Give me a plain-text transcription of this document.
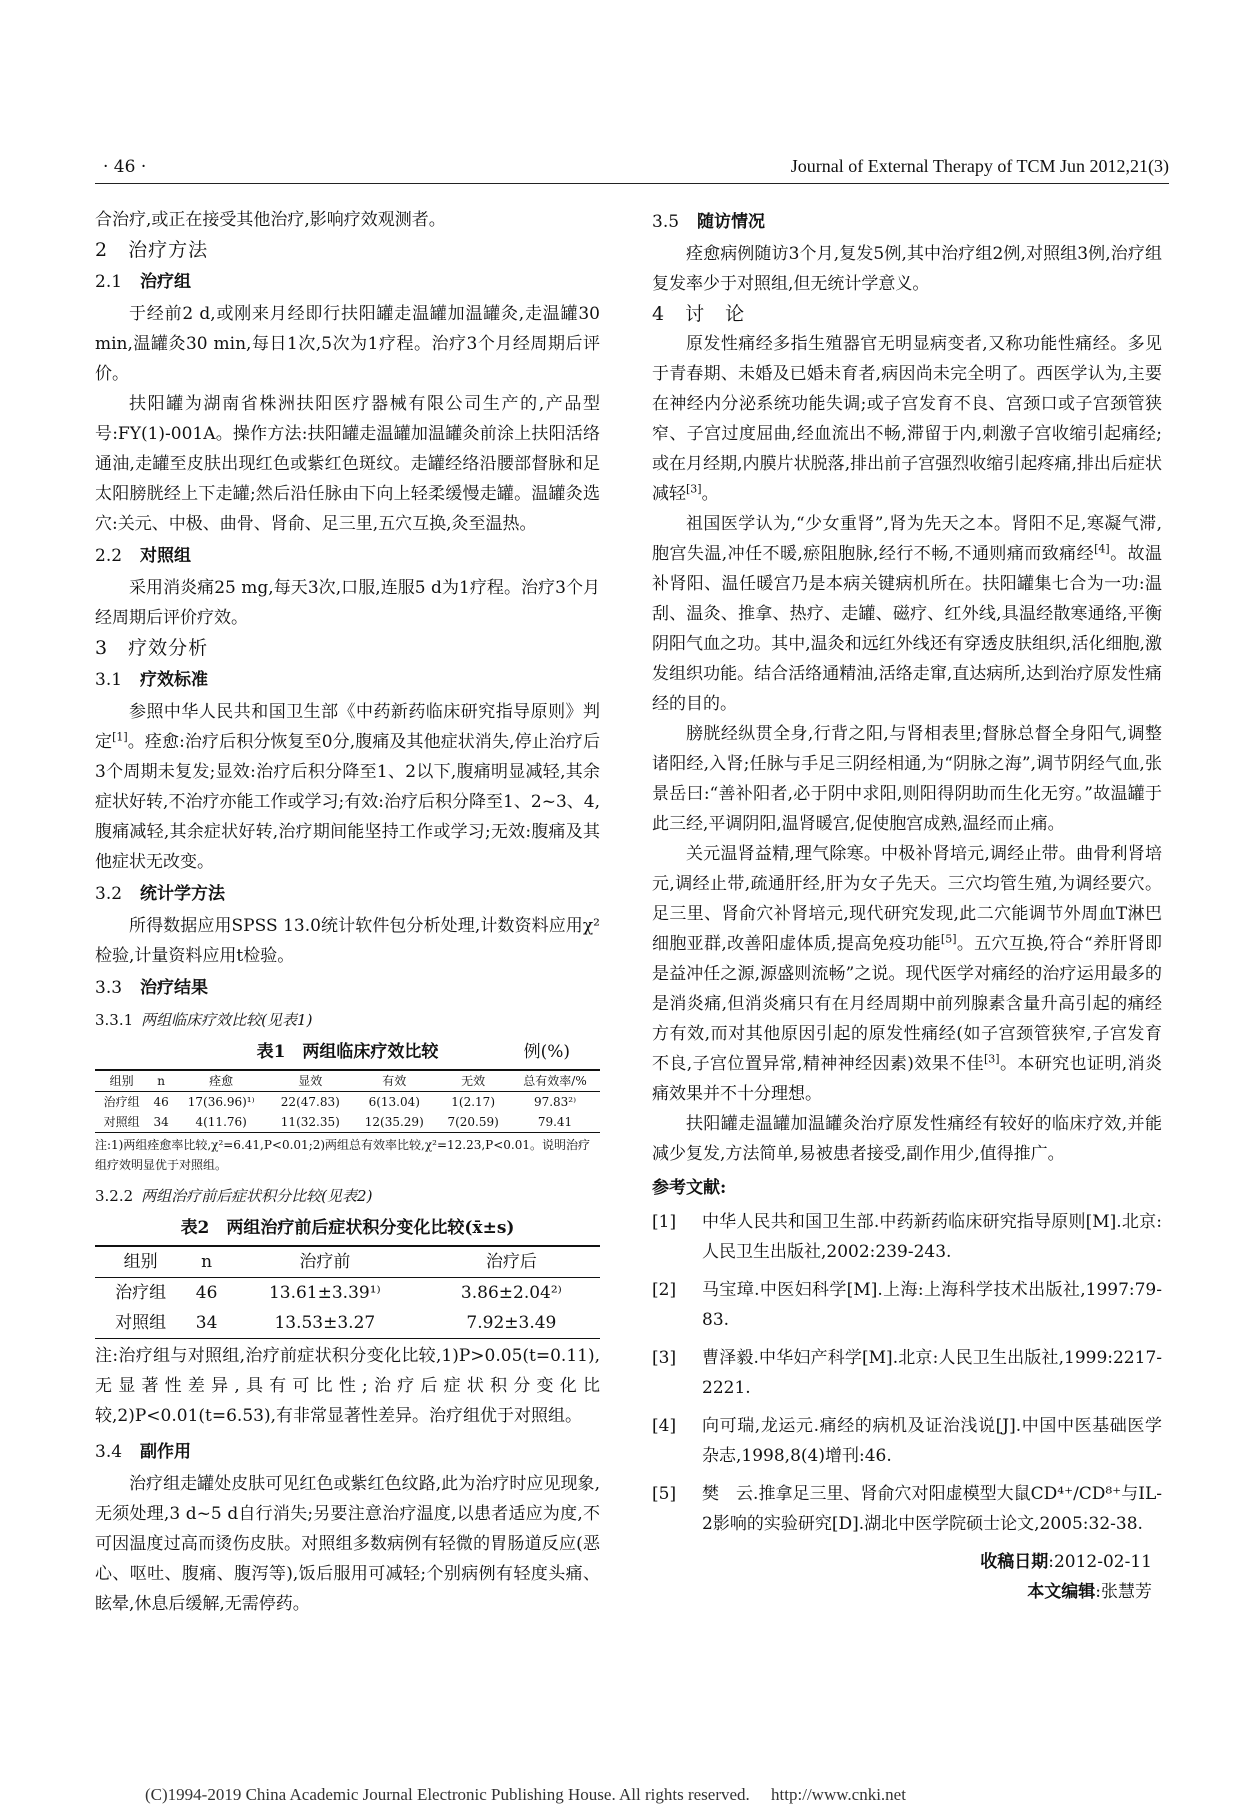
· 46 ·	Journal of External Therapy of TCM Jun 2012,21(3)

合治疗,或正在接受其他治疗,影响疗效观测者。

2　治疗方法

2.1 治疗组

于经前2 d,或刚来月经即行扶阳罐走温罐加温罐灸,走温罐30 min,温罐灸30 min,每日1次,5次为1疗程。治疗3个月经周期后评价。

扶阳罐为湖南省株洲扶阳医疗器械有限公司生产的,产品型号:FY(1)-001A。操作方法:扶阳罐走温罐加温罐灸前涂上扶阳活络通油,走罐至皮肤出现红色或紫红色斑纹。走罐经络沿腰部督脉和足太阳膀胱经上下走罐;然后沿任脉由下向上轻柔缓慢走罐。温罐灸选穴:关元、中极、曲骨、肾俞、足三里,五穴互换,灸至温热。

2.2 对照组

采用消炎痛25 mg,每天3次,口服,连服5 d为1疗程。治疗3个月经周期后评价疗效。

3　疗效分析

3.1 疗效标准

参照中华人民共和国卫生部《中药新药临床研究指导原则》判定[1]。痊愈:治疗后积分恢复至0分,腹痛及其他症状消失,停止治疗后3个周期未复发;显效:治疗后积分降至1、2以下,腹痛明显减轻,其余症状好转,不治疗亦能工作或学习;有效:治疗后积分降至1、2~3、4,腹痛减轻,其余症状好转,治疗期间能坚持工作或学习;无效:腹痛及其他症状无改变。

3.2 统计学方法

所得数据应用SPSS 13.0统计软件包分析处理,计数资料应用χ² 检验,计量资料应用t检验。

3.3 治疗结果

3.3.1 两组临床疗效比较(见表1)

表1　两组临床疗效比较	例(%)
组别	n	痊愈	显效	有效	无效	总有效率/%
治疗组	46	17(36.96)¹⁾	22(47.83)	6(13.04)	1(2.17)	97.83²⁾
对照组	34	4(11.76)	11(32.35)	12(35.29)	7(20.59)	79.41

注:1)两组痊愈率比较,χ²=6.41,P<0.01;2)两组总有效率比较,χ²=12.23,P<0.01。说明治疗组疗效明显优于对照组。

3.2.2 两组治疗前后症状积分比较(见表2)

表2　两组治疗前后症状积分变化比较(x̄±s)
组别	n	治疗前	治疗后
治疗组	46	13.61±3.39¹⁾	3.86±2.04²⁾
对照组	34	13.53±3.27	7.92±3.49

注:治疗组与对照组,治疗前症状积分变化比较,1)P>0.05(t=0.11),无显著性差异,具有可比性;治疗后症状积分变化比较,2)P<0.01(t=6.53),有非常显著性差异。治疗组优于对照组。

3.4 副作用

治疗组走罐处皮肤可见红色或紫红色纹路,此为治疗时应见现象,无须处理,3 d~5 d自行消失;另要注意治疗温度,以患者适应为度,不可因温度过高而烫伤皮肤。对照组多数病例有轻微的胃肠道反应(恶心、呕吐、腹痛、腹泻等),饭后服用可减轻;个别病例有轻度头痛、眩晕,休息后缓解,无需停药。

3.5 随访情况

痊愈病例随访3个月,复发5例,其中治疗组2例,对照组3例,治疗组复发率少于对照组,但无统计学意义。

4　讨　论

原发性痛经多指生殖器官无明显病变者,又称功能性痛经。多见于青春期、未婚及已婚未育者,病因尚未完全明了。西医学认为,主要在神经内分泌系统功能失调;或子宫发育不良、宫颈口或子宫颈管狭窄、子宫过度屈曲,经血流出不畅,滞留于内,刺激子宫收缩引起痛经;或在月经期,内膜片状脱落,排出前子宫强烈收缩引起疼痛,排出后症状减轻[3]。

祖国医学认为,“少女重肾”,肾为先天之本。肾阳不足,寒凝气滞,胞宫失温,冲任不暖,瘀阻胞脉,经行不畅,不通则痛而致痛经[4]。故温补肾阳、温任暖宫乃是本病关键病机所在。扶阳罐集七合为一功:温刮、温灸、推拿、热疗、走罐、磁疗、红外线,具温经散寒通络,平衡阴阳气血之功。其中,温灸和远红外线还有穿透皮肤组织,活化细胞,激发组织功能。结合活络通精油,活络走窜,直达病所,达到治疗原发性痛经的目的。

膀胱经纵贯全身,行背之阳,与肾相表里;督脉总督全身阳气,调整诸阳经,入肾;任脉与手足三阴经相通,为“阴脉之海”,调节阴经气血,张景岳曰:“善补阳者,必于阴中求阳,则阳得阴助而生化无穷。”故温罐于此三经,平调阴阳,温肾暖宫,促使胞宫成熟,温经而止痛。

关元温肾益精,理气除寒。中极补肾培元,调经止带。曲骨利肾培元,调经止带,疏通肝经,肝为女子先天。三穴均管生殖,为调经要穴。足三里、肾俞穴补肾培元,现代研究发现,此二穴能调节外周血T淋巴细胞亚群,改善阳虚体质,提高免疫功能[5]。五穴互换,符合“养肝肾即是益冲任之源,源盛则流畅”之说。现代医学对痛经的治疗运用最多的是消炎痛,但消炎痛只有在月经周期中前列腺素含量升高引起的痛经方有效,而对其他原因引起的原发性痛经(如子宫颈管狭窄,子宫发育不良,子宫位置异常,精神神经因素)效果不佳[3]。本研究也证明,消炎痛效果并不十分理想。

扶阳罐走温罐加温罐灸治疗原发性痛经有较好的临床疗效,并能减少复发,方法简单,易被患者接受,副作用少,值得推广。

参考文献:

[1] 中华人民共和国卫生部.中药新药临床研究指导原则[M].北京:人民卫生出版社,2002:239-243.
[2] 马宝璋.中医妇科学[M].上海:上海科学技术出版社,1997:79-83.
[3] 曹泽毅.中华妇产科学[M].北京:人民卫生出版社,1999:2217-2221.
[4] 向可瑞,龙运元.痛经的病机及证治浅说[J].中国中医基础医学杂志,1998,8(4)增刊:46.
[5] 樊　云.推拿足三里、肾俞穴对阳虚模型大鼠CD⁴⁺/CD⁸⁺与IL-2影响的实验研究[D].湖北中医学院硕士论文,2005:32-38.

收稿日期:2012-02-11

本文编辑:张慧芳

(C)1994-2019 China Academic Journal Electronic Publishing House. All rights reserved.　 http://www.cnki.net
